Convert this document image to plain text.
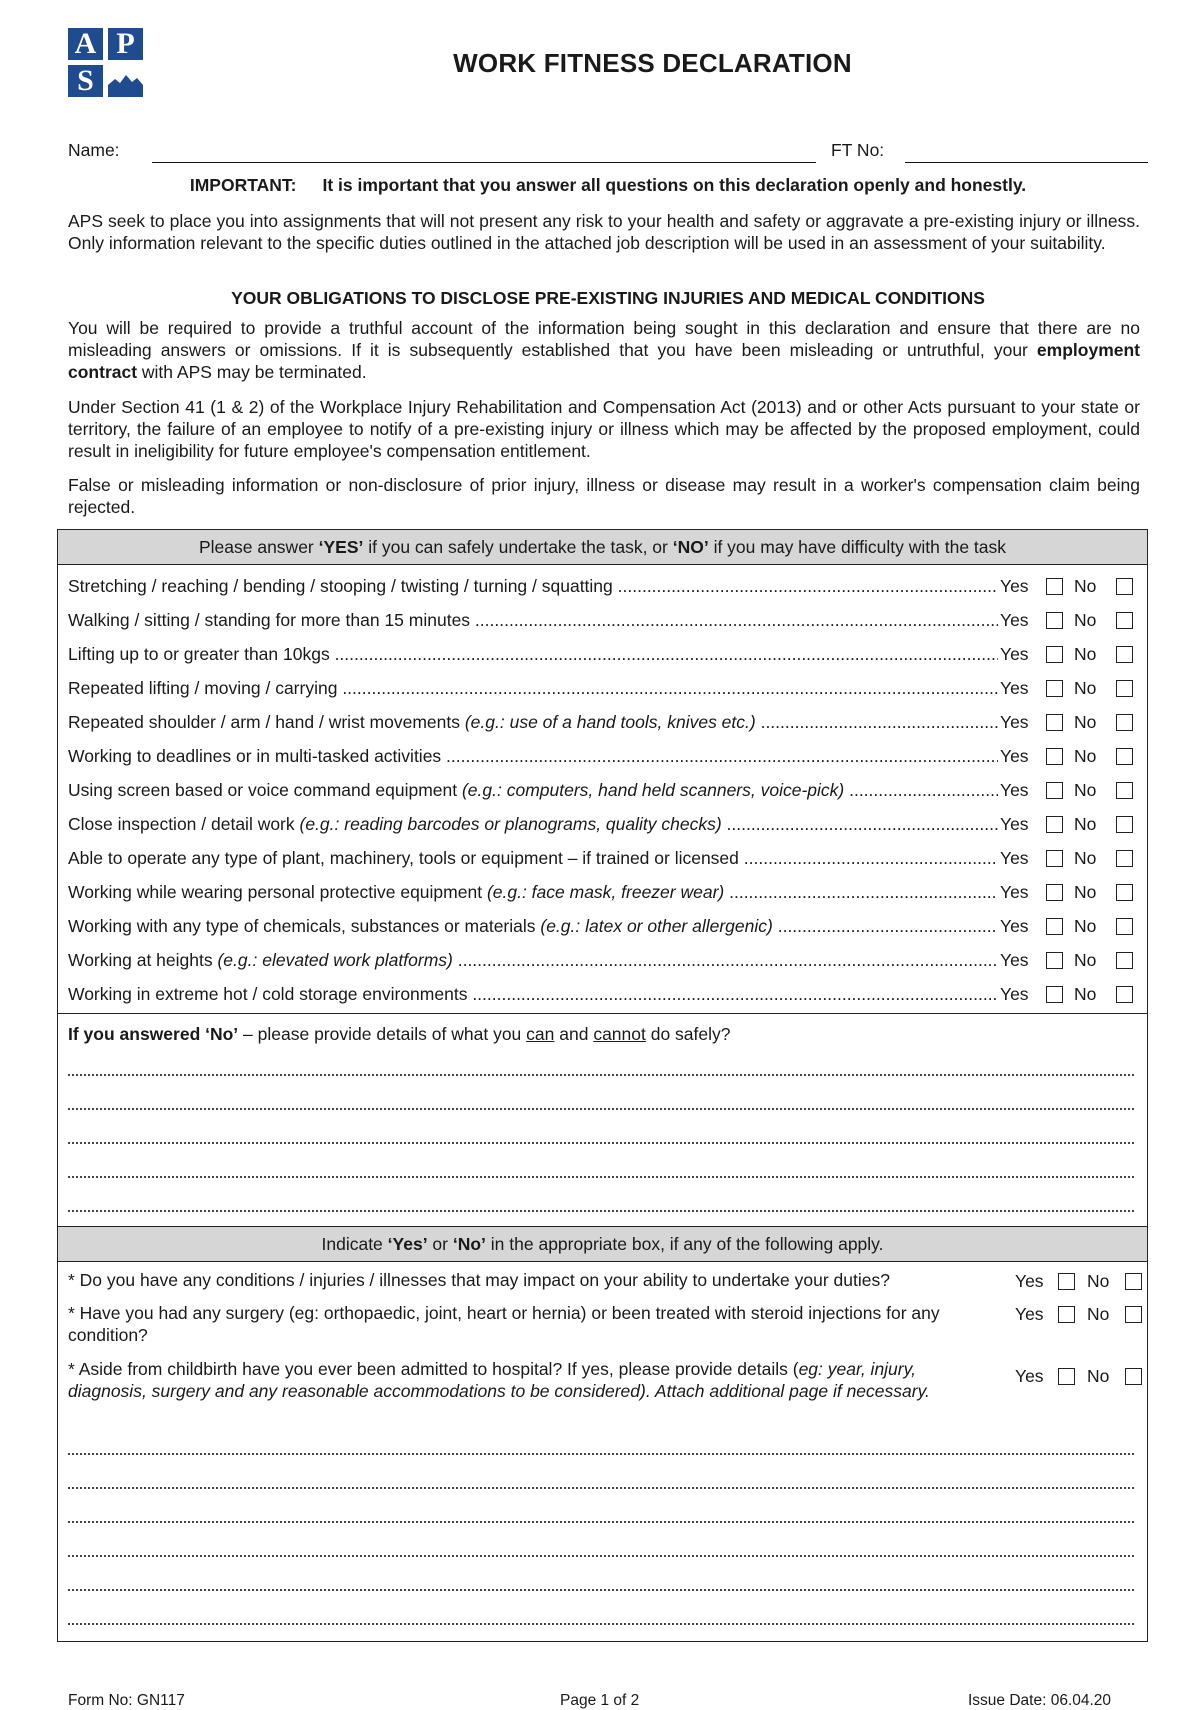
A P
S
WORK FITNESS DECLARATION
Name:	FT No:
IMPORTANT: It is important that you answer all questions on this declaration openly and honestly.
APS seek to place you into assignments that will not present any risk to your health and safety or aggravate a pre-existing injury or illness. Only information relevant to the specific duties outlined in the attached job description will be used in an assessment of your suitability.
YOUR OBLIGATIONS TO DISCLOSE PRE-EXISTING INJURIES AND MEDICAL CONDITIONS
You will be required to provide a truthful account of the information being sought in this declaration and ensure that there are no misleading answers or omissions. If it is subsequently established that you have been misleading or untruthful, your employment contract with APS may be terminated.
Under Section 41 (1 & 2) of the Workplace Injury Rehabilitation and Compensation Act (2013) and or other Acts pursuant to your state or territory, the failure of an employee to notify of a pre-existing injury or illness which may be affected by the proposed employment, could result in ineligibility for future employee's compensation entitlement.
False or misleading information or non-disclosure of prior injury, illness or disease may result in a worker's compensation claim being rejected.
Please answer ‘YES’ if you can safely undertake the task, or ‘NO’ if you may have difficulty with the task
Stretching / reaching / bending / stooping / twisting / turning / squatting .....	Yes	No
Walking / sitting / standing for more than 15 minutes .....	Yes	No
Lifting up to or greater than 10kgs .....	Yes	No
Repeated lifting / moving / carrying .....	Yes	No
Repeated shoulder / arm / hand / wrist movements (e.g.: use of a hand tools, knives etc.) .....	Yes	No
Working to deadlines or in multi-tasked activities .....	Yes	No
Using screen based or voice command equipment (e.g.: computers, hand held scanners, voice-pick) .....	Yes	No
Close inspection / detail work (e.g.: reading barcodes or planograms, quality checks) .....	Yes	No
Able to operate any type of plant, machinery, tools or equipment – if trained or licensed .....	Yes	No
Working while wearing personal protective equipment (e.g.: face mask, freezer wear) .....	Yes	No
Working with any type of chemicals, substances or materials (e.g.: latex or other allergenic) .....	Yes	No
Working at heights (e.g.: elevated work platforms) .....	Yes	No
Working in extreme hot / cold storage environments .....	Yes	No
If you answered ‘No’ – please provide details of what you can and cannot do safely?
Indicate ‘Yes’ or ‘No’ in the appropriate box, if any of the following apply.
* Do you have any conditions / injuries / illnesses that may impact on your ability to undertake your duties?	Yes No
* Have you had any surgery (eg: orthopaedic, joint, heart or hernia) or been treated with steroid injections for any condition?
Yes No
* Aside from childbirth have you ever been admitted to hospital? If yes, please provide details (eg: year, injury, diagnosis, surgery and any reasonable accommodations to be considered). Attach additional page if necessary.
Yes No
Form No: GN117	Page 1 of 2	Issue Date: 06.04.20
